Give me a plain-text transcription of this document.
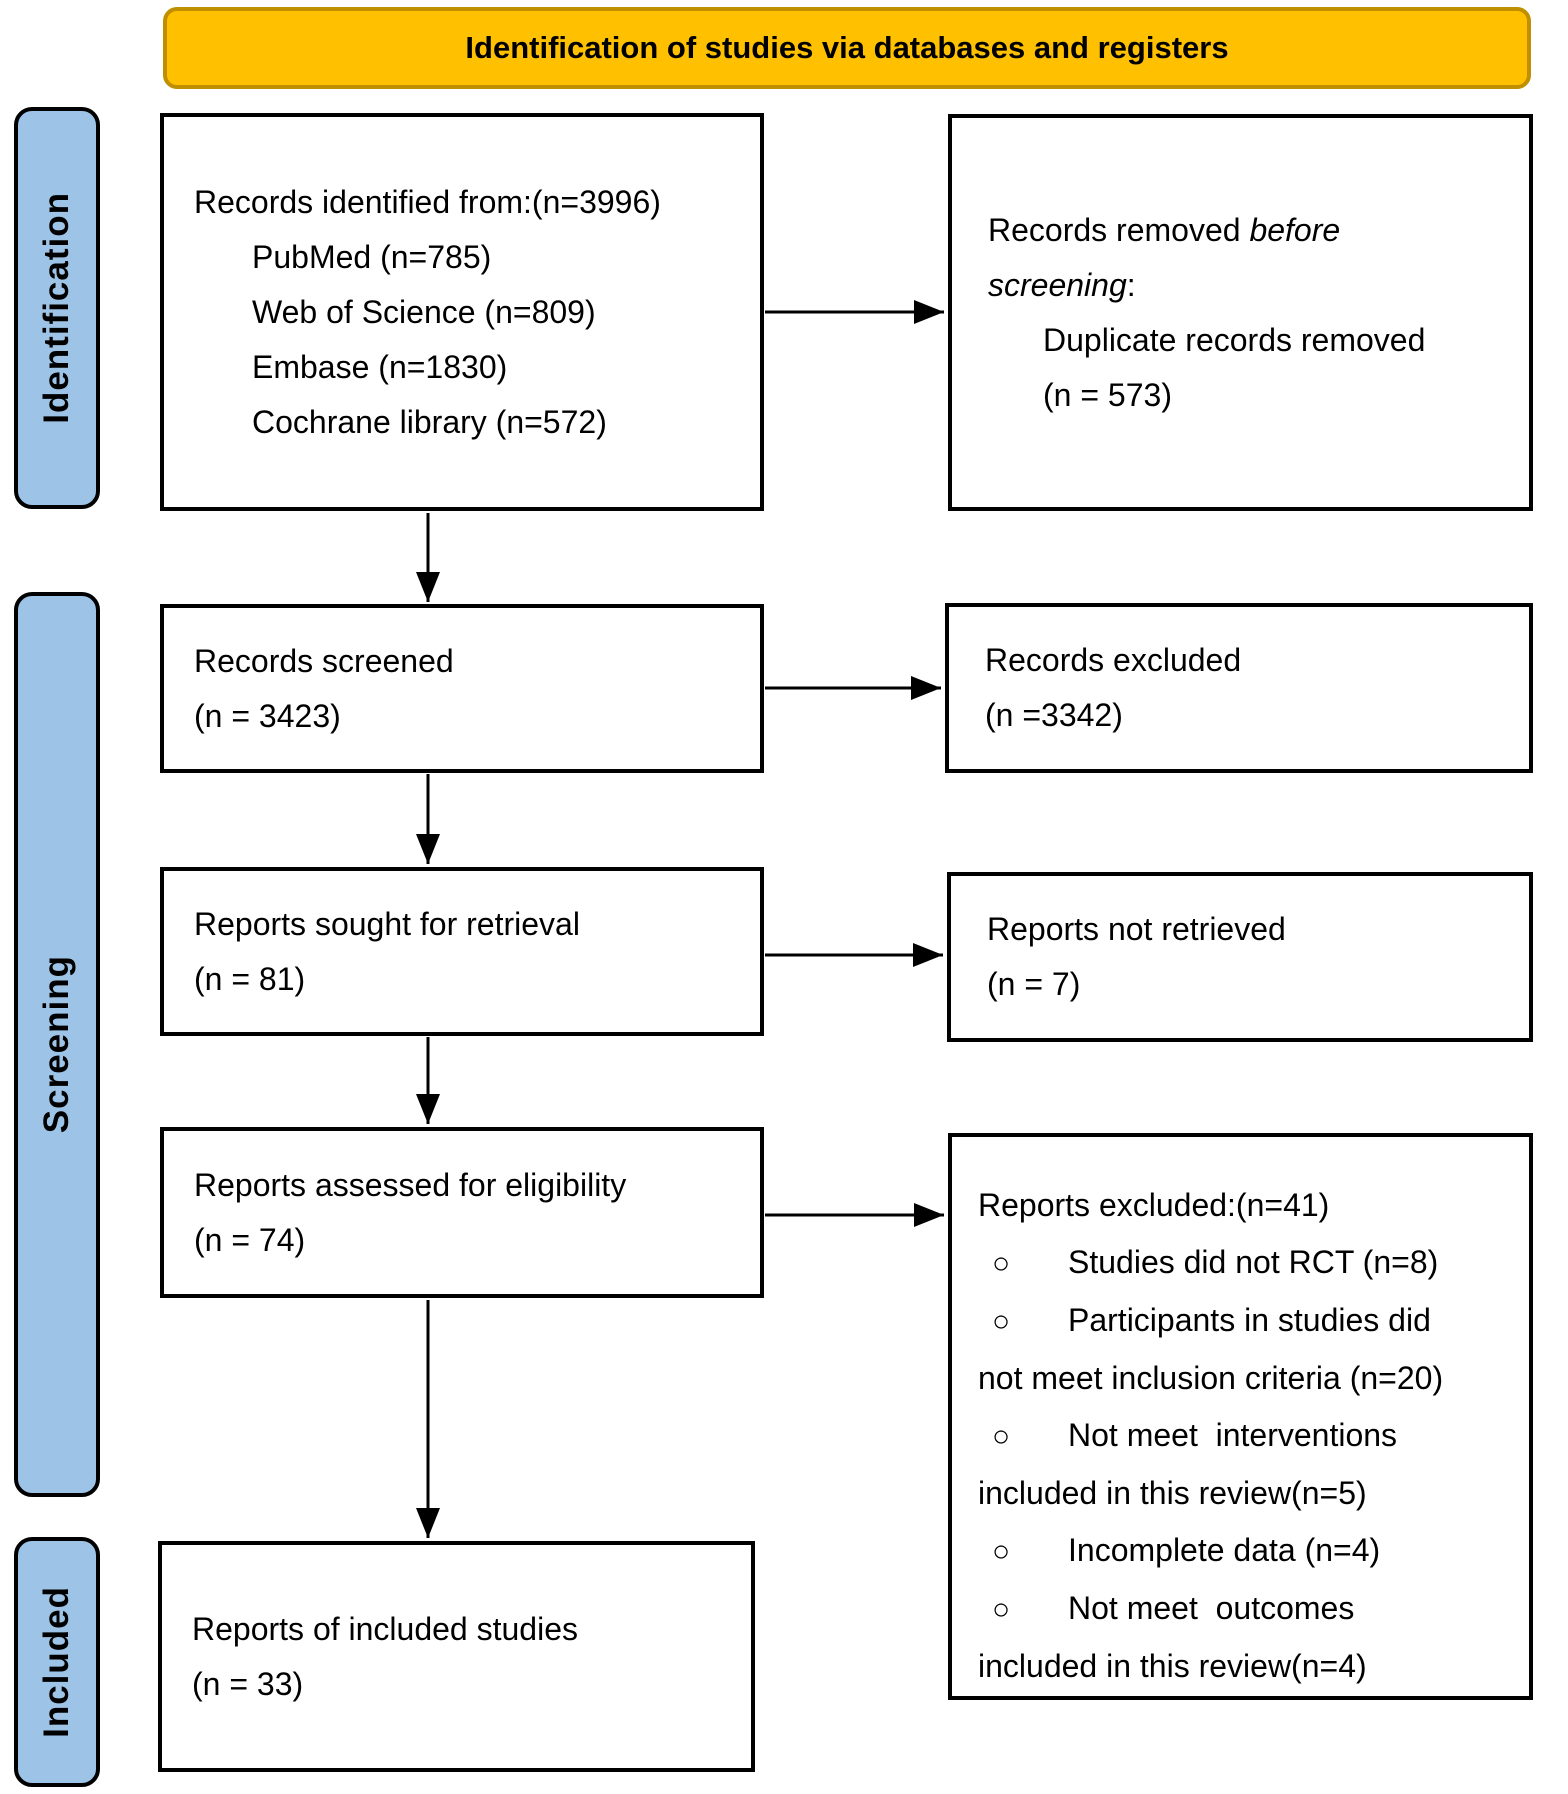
Identification of studies via databases and registers
Identification
Screening
Included
Records identified from:(n=3996)
PubMed (n=785)
Web of Science (n=809)
Embase (n=1830)
Cochrane library (n=572)
Records removed before
screening:
Duplicate records removed
(n = 573)
Records screened
(n = 3423)
Records excluded
(n =3342)
Reports sought for retrieval
(n = 81)
Reports not retrieved
(n = 7)
Reports assessed for eligibility
(n = 74)
Reports excluded:(n=41)
○ Studies did not RCT (n=8)
○ Participants in studies did
not meet inclusion criteria (n=20)
○ Not meet  interventions
included in this review(n=5)
○ Incomplete data (n=4)
○ Not meet  outcomes
included in this review(n=4)
Reports of included studies
(n = 33)
